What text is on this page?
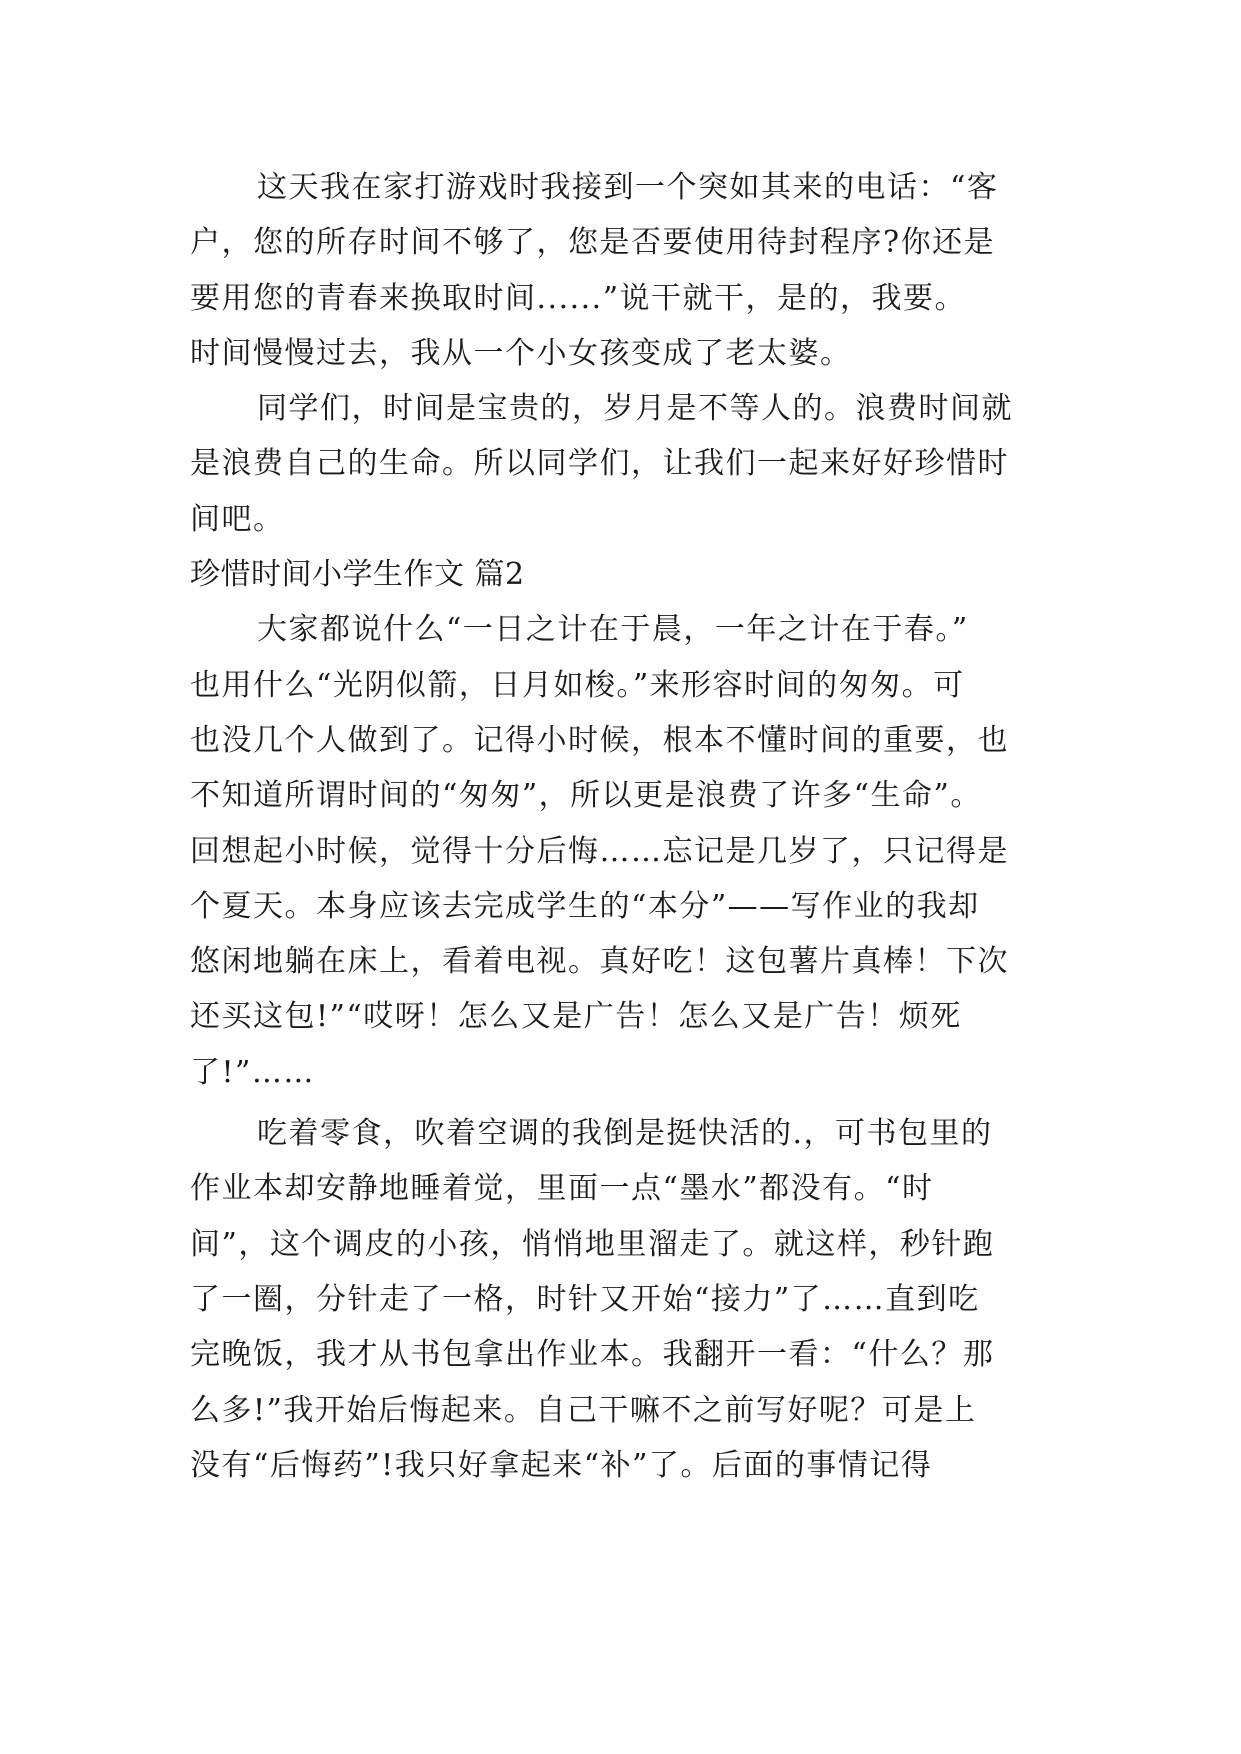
这天我在家打游戏时我接到一个突如其来的电话：“客
户，您的所存时间不够了，您是否要使用待封程序?你还是
要用您的青春来换取时间......”说干就干，是的，我要。
时间慢慢过去，我从一个小女孩变成了老太婆。
同学们，时间是宝贵的，岁月是不等人的。浪费时间就
是浪费自己的生命。所以同学们，让我们一起来好好珍惜时
间吧。
珍惜时间小学生作文 篇2
大家都说什么“一日之计在于晨，一年之计在于春。”
也用什么“光阴似箭，日月如梭。”来形容时间的匆匆。可
也没几个人做到了。记得小时候，根本不懂时间的重要，也
不知道所谓时间的“匆匆”，所以更是浪费了许多“生命”。
回想起小时候，觉得十分后悔……忘记是几岁了，只记得是
个夏天。本身应该去完成学生的“本分”——写作业的我却
悠闲地躺在床上，看着电视。真好吃！这包薯片真棒！下次
还买这包!”“哎呀！怎么又是广告！怎么又是广告！烦死
了!”……
吃着零食，吹着空调的我倒是挺快活的.，可书包里的
作业本却安静地睡着觉，里面一点“墨水”都没有。“时
间”，这个调皮的小孩，悄悄地里溜走了。就这样，秒针跑
了一圈，分针走了一格，时针又开始“接力”了……直到吃
完晚饭，我才从书包拿出作业本。我翻开一看：“什么？那
么多!”我开始后悔起来。自己干嘛不之前写好呢？可是上
没有“后悔药”!我只好拿起来“补”了。后面的事情记得
